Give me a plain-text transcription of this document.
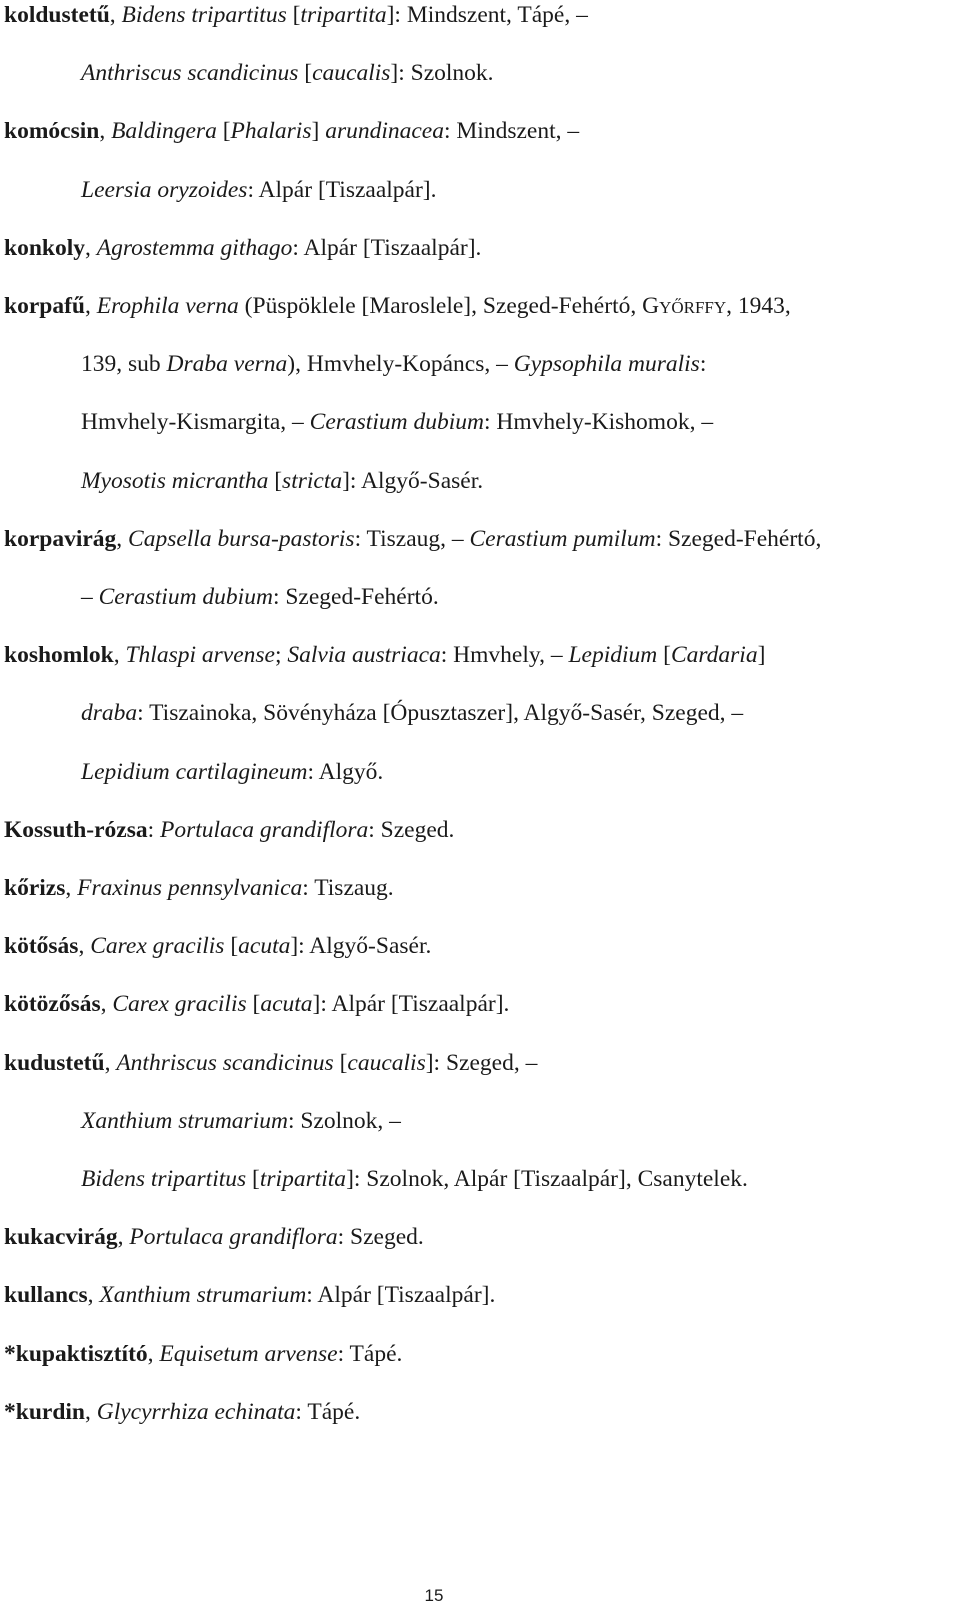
koldustetű, Bidens tripartitus [tripartita]: Mindszent, Tápé, –
Anthriscus scandicinus [caucalis]: Szolnok.
komócsin, Baldingera [Phalaris] arundinacea: Mindszent, –
Leersia oryzoides: Alpár [Tiszaalpár].
konkoly, Agrostemma githago: Alpár [Tiszaalpár].
korpafű, Erophila verna (Püspöklele [Maroslele], Szeged-Fehértó, GYŐRFFY, 1943,
139, sub Draba verna), Hmvhely-Kopáncs, – Gypsophila muralis:
Hmvhely-Kismargita, – Cerastium dubium: Hmvhely-Kishomok, –
Myosotis micrantha [stricta]: Algyő-Sasér.
korpavirág, Capsella bursa-pastoris: Tiszaug, – Cerastium pumilum: Szeged-Fehértó,
– Cerastium dubium: Szeged-Fehértó.
koshomlok, Thlaspi arvense; Salvia austriaca: Hmvhely, – Lepidium [Cardaria]
draba: Tiszainoka, Sövényháza [Ópusztaszer], Algyő-Sasér, Szeged, –
Lepidium cartilagineum: Algyő.
Kossuth-rózsa: Portulaca grandiflora: Szeged.
kőrizs, Fraxinus pennsylvanica: Tiszaug.
kötősás, Carex gracilis [acuta]: Algyő-Sasér.
kötözősás, Carex gracilis [acuta]: Alpár [Tiszaalpár].
kudustetű, Anthriscus scandicinus [caucalis]: Szeged, –
Xanthium strumarium: Szolnok, –
Bidens tripartitus [tripartita]: Szolnok, Alpár [Tiszaalpár], Csanytelek.
kukacvirág, Portulaca grandiflora: Szeged.
kullancs, Xanthium strumarium: Alpár [Tiszaalpár].
*kupaktisztító, Equisetum arvense: Tápé.
*kurdin, Glycyrrhiza echinata: Tápé.
15
